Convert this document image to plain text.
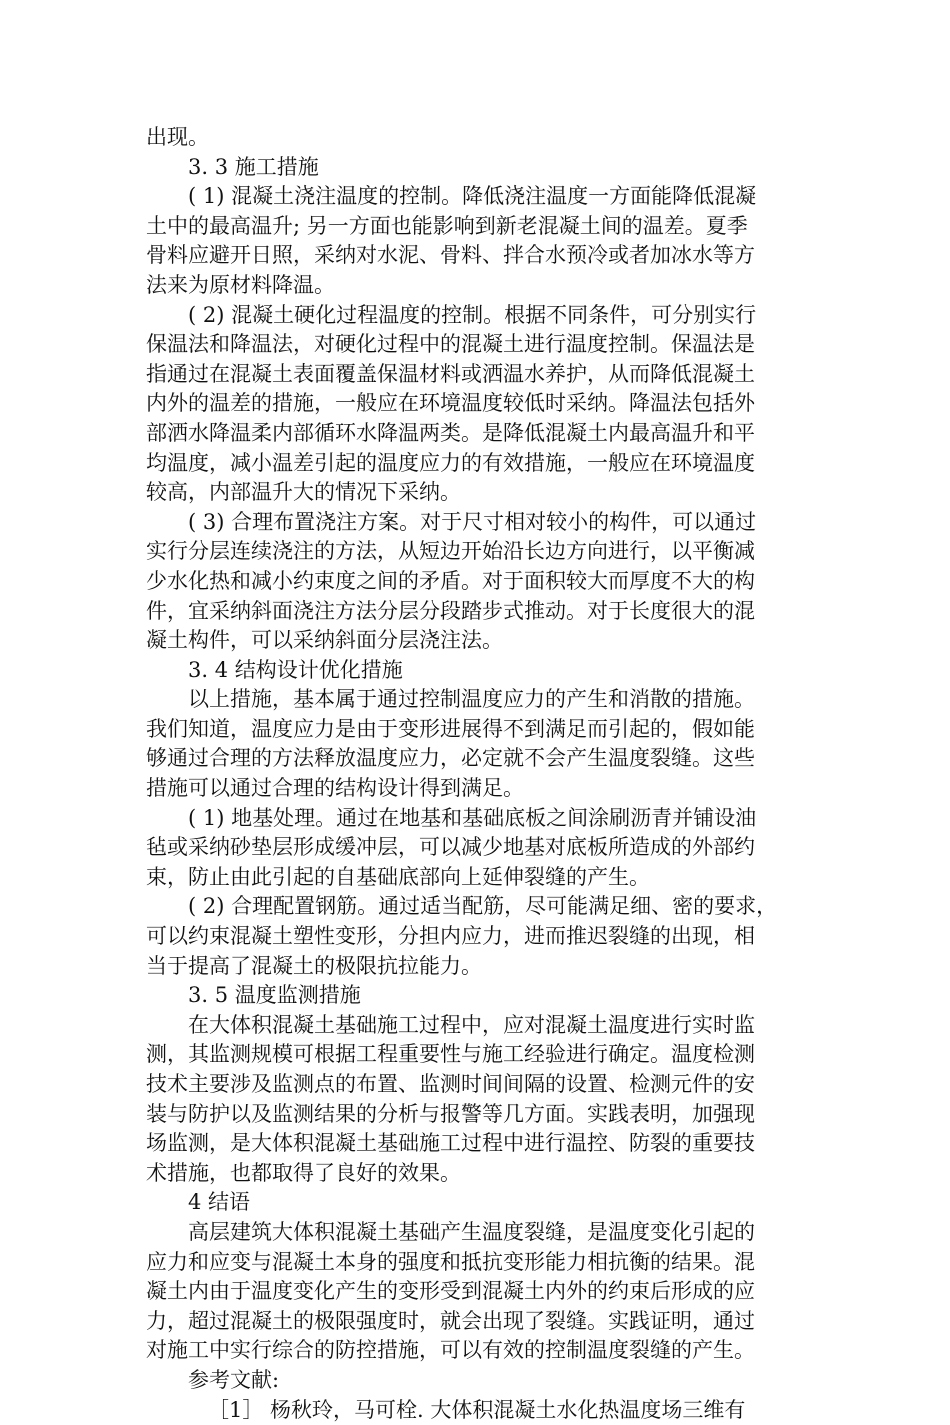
出现。
3. 3 施工措施
( 1) 混凝土浇注温度的控制。降低浇注温度一方面能降低混凝
土中的最高温升; 另一方面也能影响到新老混凝土间的温差。夏季
骨料应避开日照，采纳对水泥、骨料、拌合水预冷或者加冰水等方
法来为原材料降温。
( 2) 混凝土硬化过程温度的控制。根据不同条件，可分别实行
保温法和降温法，对硬化过程中的混凝土进行温度控制。保温法是
指通过在混凝土表面覆盖保温材料或洒温水养护，从而降低混凝土
内外的温差的措施，一般应在环境温度较低时采纳。降温法包括外
部洒水降温柔内部循环水降温两类。是降低混凝土内最高温升和平
均温度，减小温差引起的温度应力的有效措施，一般应在环境温度
较高，内部温升大的情况下采纳。
( 3) 合理布置浇注方案。对于尺寸相对较小的构件，可以通过
实行分层连续浇注的方法，从短边开始沿长边方向进行，以平衡减
少水化热和减小约束度之间的矛盾。对于面积较大而厚度不大的构
件，宜采纳斜面浇注方法分层分段踏步式推动。对于长度很大的混
凝土构件，可以采纳斜面分层浇注法。
3. 4 结构设计优化措施
以上措施，基本属于通过控制温度应力的产生和消散的措施。
我们知道，温度应力是由于变形进展得不到满足而引起的，假如能
够通过合理的方法释放温度应力，必定就不会产生温度裂缝。这些
措施可以通过合理的结构设计得到满足。
( 1) 地基处理。通过在地基和基础底板之间涂刷沥青并铺设油
毡或采纳砂垫层形成缓冲层，可以减少地基对底板所造成的外部约
束，防止由此引起的自基础底部向上延伸裂缝的产生。
( 2) 合理配置钢筋。通过适当配筋，尽可能满足细、密的要求，
可以约束混凝土塑性变形，分担内应力，进而推迟裂缝的出现，相
当于提高了混凝土的极限抗拉能力。
3. 5 温度监测措施
在大体积混凝土基础施工过程中，应对混凝土温度进行实时监
测，其监测规模可根据工程重要性与施工经验进行确定。温度检测
技术主要涉及监测点的布置、监测时间间隔的设置、检测元件的安
装与防护以及监测结果的分析与报警等几方面。实践表明，加强现
场监测，是大体积混凝土基础施工过程中进行温控、防裂的重要技
术措施，也都取得了良好的效果。
4 结语
高层建筑大体积混凝土基础产生温度裂缝，是温度变化引起的
应力和应变与混凝土本身的强度和抵抗变形能力相抗衡的结果。混
凝土内由于温度变化产生的变形受到混凝土内外的约束后形成的应
力，超过混凝土的极限强度时，就会出现了裂缝。实践证明，通过
对施工中实行综合的防控措施，可以有效的控制温度裂缝的产生。
参考文献:
［1］ 杨秋玲，马可栓. 大体积混凝土水化热温度场三维有
